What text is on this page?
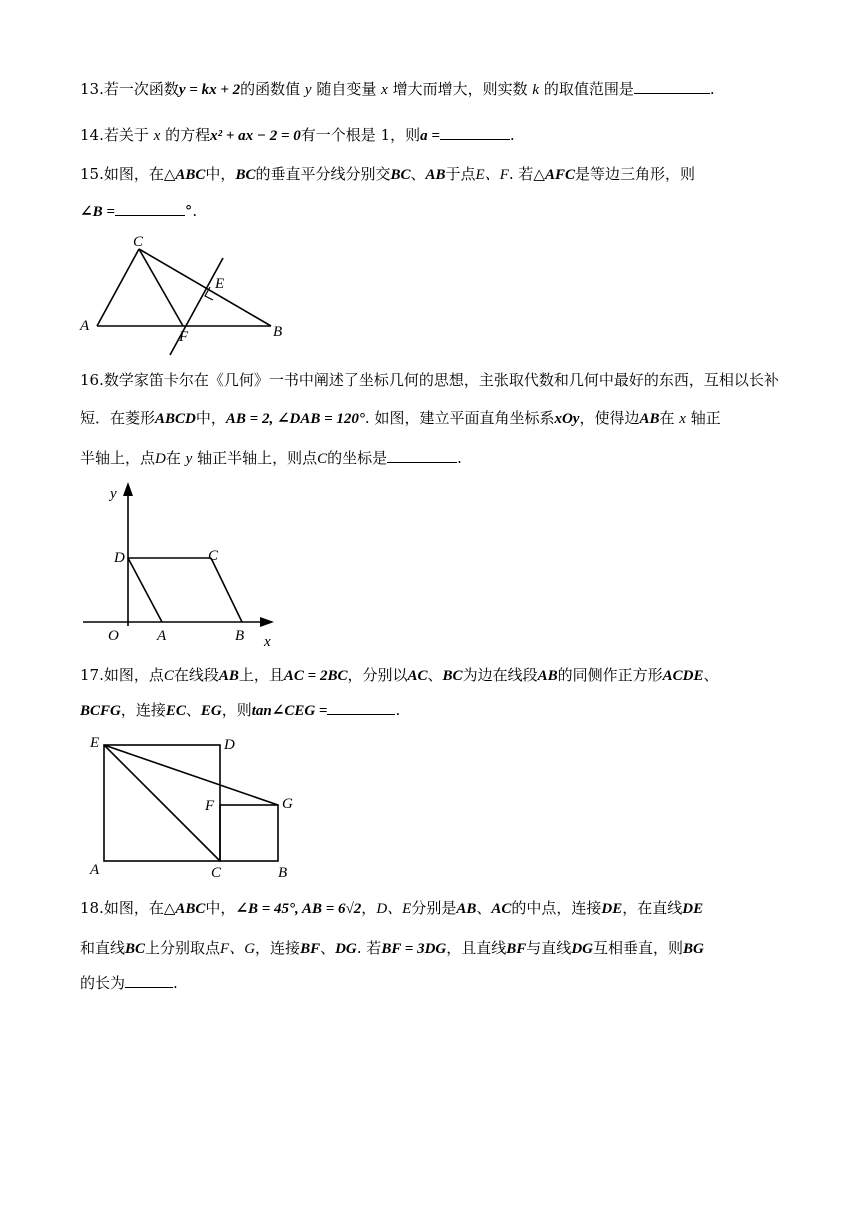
13.若一次函数y = kx + 2的函数值 y 随自变量 x 增大而增大，则实数 k 的取值范围是	.
14.若关于 x 的方程x² + ax − 2 = 0有一个根是 1，则a =	.
15.如图，在△ABC中，BC的垂直平分线分别交BC、AB于点E、F. 若△AFC是等边三角形，则
∠B =	°.
C
E
A	B
F
16.数学家笛卡尔在《几何》一书中阐述了坐标几何的思想，主张取代数和几何中最好的东西，互相以长补
短．在菱形ABCD中，AB = 2, ∠DAB = 120°. 如图，建立平面直角坐标系xOy，使得边AB在 x 轴正
半轴上，点D在 y 轴正半轴上，则点C的坐标是	.
y
x
O	A	B
C
D
17.如图，点C在线段AB上，且AC = 2BC，分别以AC、BC为边在线段AB的同侧作正方形ACDE、
BCFG，连接EC、EG，则tan∠CEG =	.
E	D
F	G
A	C	B
18.如图，在△ABC中，∠B = 45°, AB = 6√2，D、E分别是AB、AC的中点，连接DE，在直线DE
和直线BC上分别取点F、G，连接BF、DG. 若BF = 3DG，且直线BF与直线DG互相垂直，则BG
的长为	.
